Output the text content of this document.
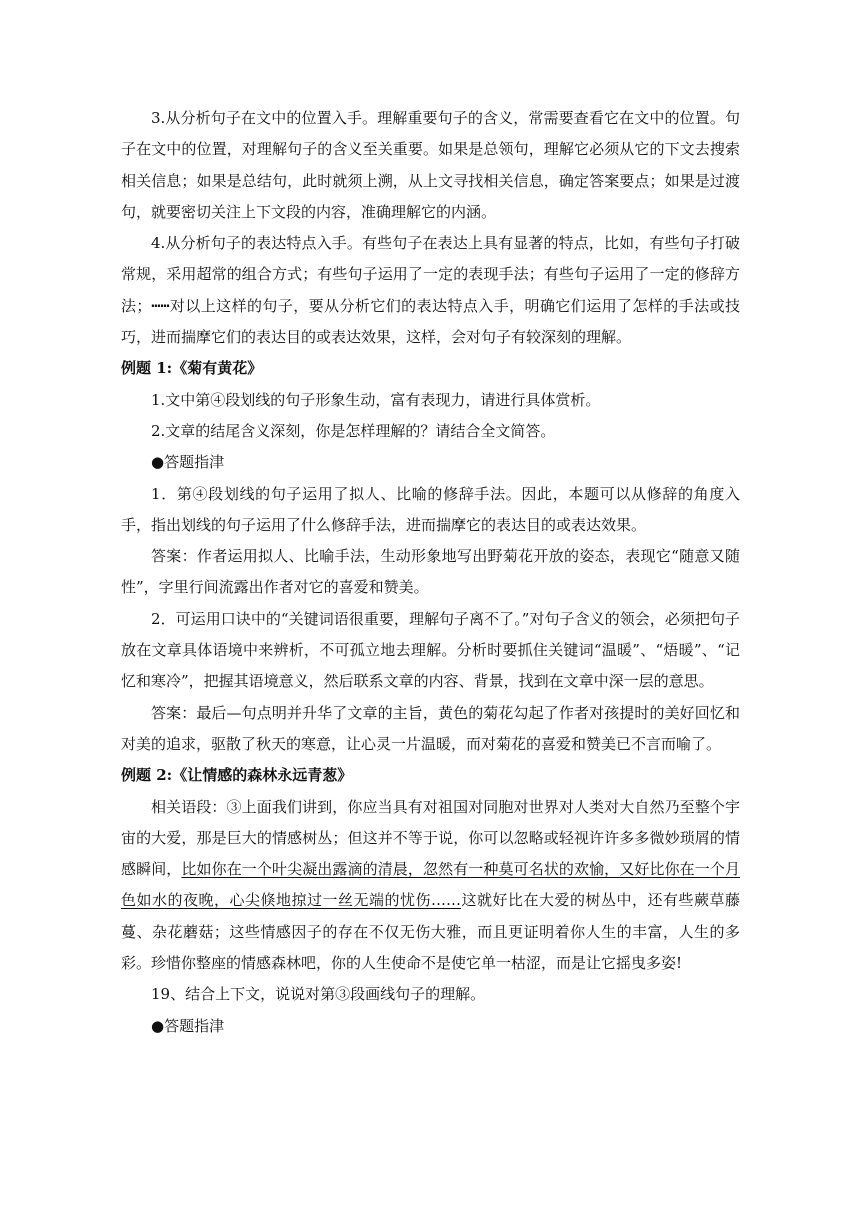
3.从分析句子在文中的位置入手。理解重要句子的含义，常需要查看它在文中的位置。句子在文中的位置，对理解句子的含义至关重要。如果是总领句，理解它必须从它的下文去搜索相关信息；如果是总结句，此时就须上溯，从上文寻找相关信息，确定答案要点；如果是过渡句，就要密切关注上下文段的内容，准确理解它的内涵。

4.从分析句子的表达特点入手。有些句子在表达上具有显著的特点，比如，有些句子打破常规，采用超常的组合方式；有些句子运用了一定的表现手法；有些句子运用了一定的修辞方法；┅┅对以上这样的句子，要从分析它们的表达特点入手，明确它们运用了怎样的手法或技巧，进而揣摩它们的表达目的或表达效果，这样，会对句子有较深刻的理解。

例题 1:《菊有黄花》

1.文中第④段划线的句子形象生动，富有表现力，请进行具体赏析。

2.文章的结尾含义深刻，你是怎样理解的？请结合全文简答。

●答题指津

1．第④段划线的句子运用了拟人、比喻的修辞手法。因此，本题可以从修辞的角度入手，指出划线的句子运用了什么修辞手法，进而揣摩它的表达目的或表达效果。

答案：作者运用拟人、比喻手法，生动形象地写出野菊花开放的姿态，表现它“随意又随性”，字里行间流露出作者对它的喜爱和赞美。

2．可运用口诀中的“关键词语很重要，理解句子离不了。”对句子含义的领会，必须把句子放在文章具体语境中来辨析，不可孤立地去理解。分析时要抓住关键词“温暖”、“焐暖”、“记忆和寒冷”，把握其语境意义，然后联系文章的内容、背景，找到在文章中深一层的意思。

答案：最后—句点明并升华了文章的主旨，黄色的菊花勾起了作者对孩提时的美好回忆和对美的追求，驱散了秋天的寒意，让心灵一片温暖，而对菊花的喜爱和赞美已不言而喻了。

例题 2:《让情感的森林永远青葱》

相关语段：③上面我们讲到，你应当具有对祖国对同胞对世界对人类对大自然乃至整个宇宙的大爱，那是巨大的情感树丛；但这并不等于说，你可以忽略或轻视许许多多微妙琐屑的情感瞬间，比如你在一个叶尖凝出露滴的清晨，忽然有一种莫可名状的欢愉，又好比你在一个月色如水的夜晚，心尖倏地掠过一丝无端的忧伤……这就好比在大爱的树丛中，还有些蕨草藤蔓、杂花蘑菇；这些情感因子的存在不仅无伤大雅，而且更证明着你人生的丰富，人生的多彩。珍惜你整座的情感森林吧，你的人生使命不是使它单一枯涩，而是让它摇曳多姿!

19、结合上下文，说说对第③段画线句子的理解。

●答题指津
